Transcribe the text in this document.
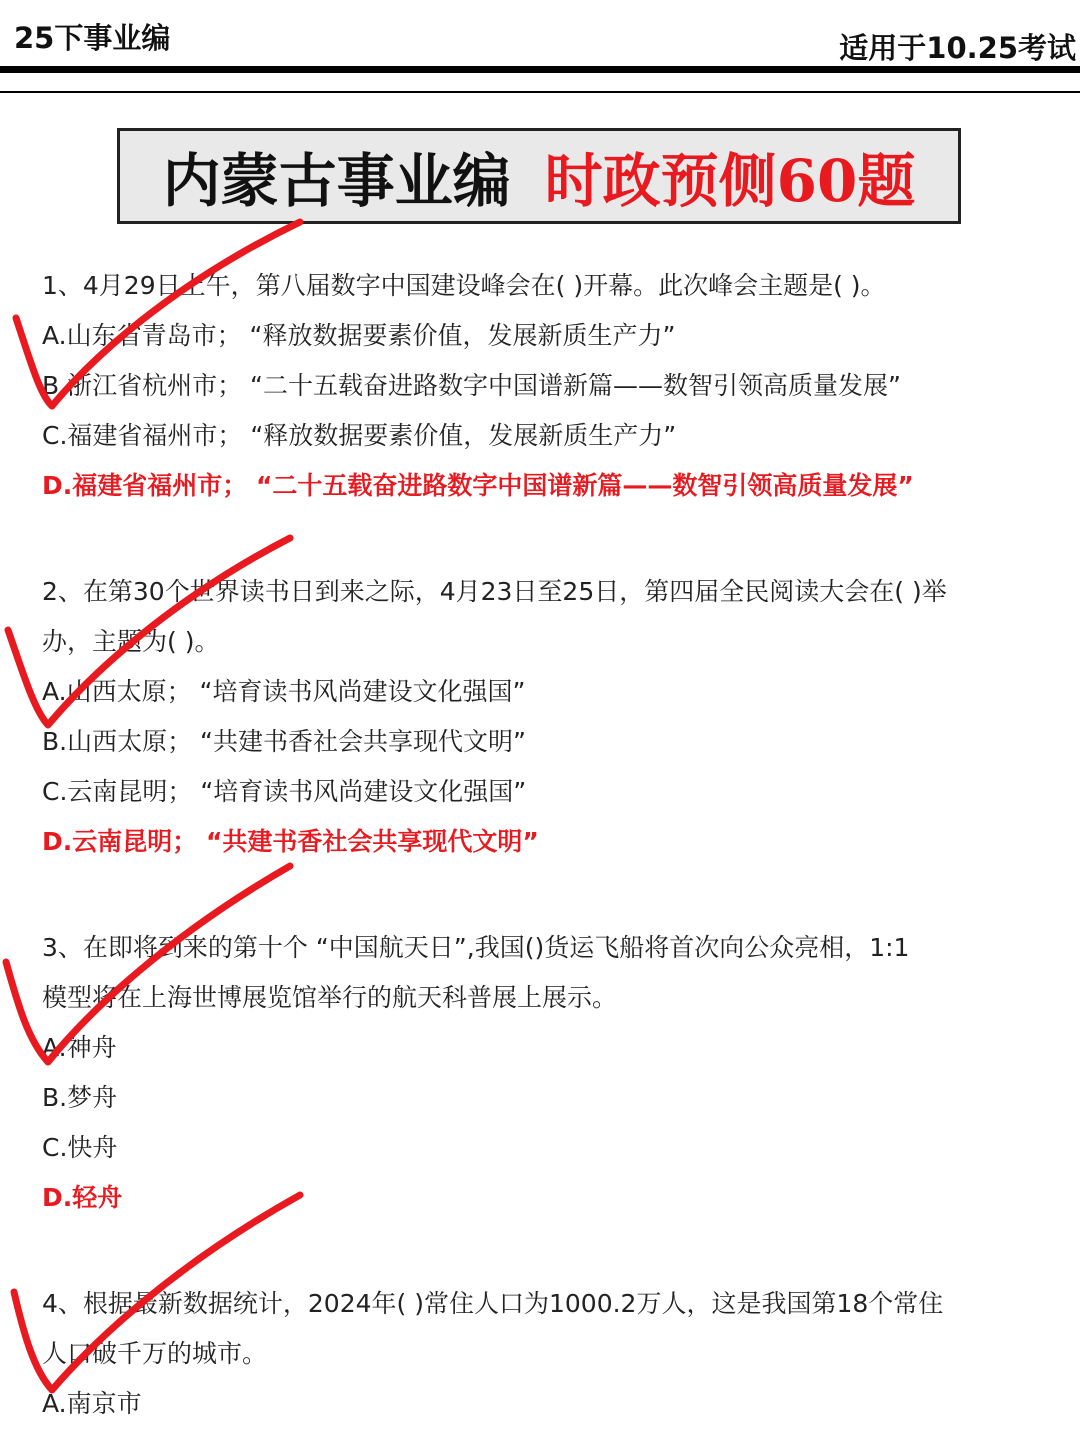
25下事业编	适用于10.25考试
内蒙古事业编 时政预侧60题
1、4月29日上午，第八届数字中国建设峰会在( )开幕。此次峰会主题是( )。
A.山东省青岛市； “释放数据要素价值，发展新质生产力”
B.浙江省杭州市； “二十五载奋进路数字中国谱新篇——数智引领高质量发展”
C.福建省福州市； “释放数据要素价值，发展新质生产力”
D.福建省福州市； “二十五载奋进路数字中国谱新篇——数智引领高质量发展”
2、在第30个世界读书日到来之际，4月23日至25日，第四届全民阅读大会在( )举
办，主题为( )。
A.山西太原； “培育读书风尚建设文化强国”
B.山西太原； “共建书香社会共享现代文明”
C.云南昆明； “培育读书风尚建设文化强国”
D.云南昆明； “共建书香社会共享现代文明”
3、在即将到来的第十个 “中国航天日”,我国()货运飞船将首次向公众亮相，1:1
模型将在上海世博展览馆举行的航天科普展上展示。
A.神舟
B.梦舟
C.快舟
D.轻舟
4、根据最新数据统计，2024年( )常住人口为1000.2万人，这是我国第18个常住
人口破千万的城市。
A.南京市
